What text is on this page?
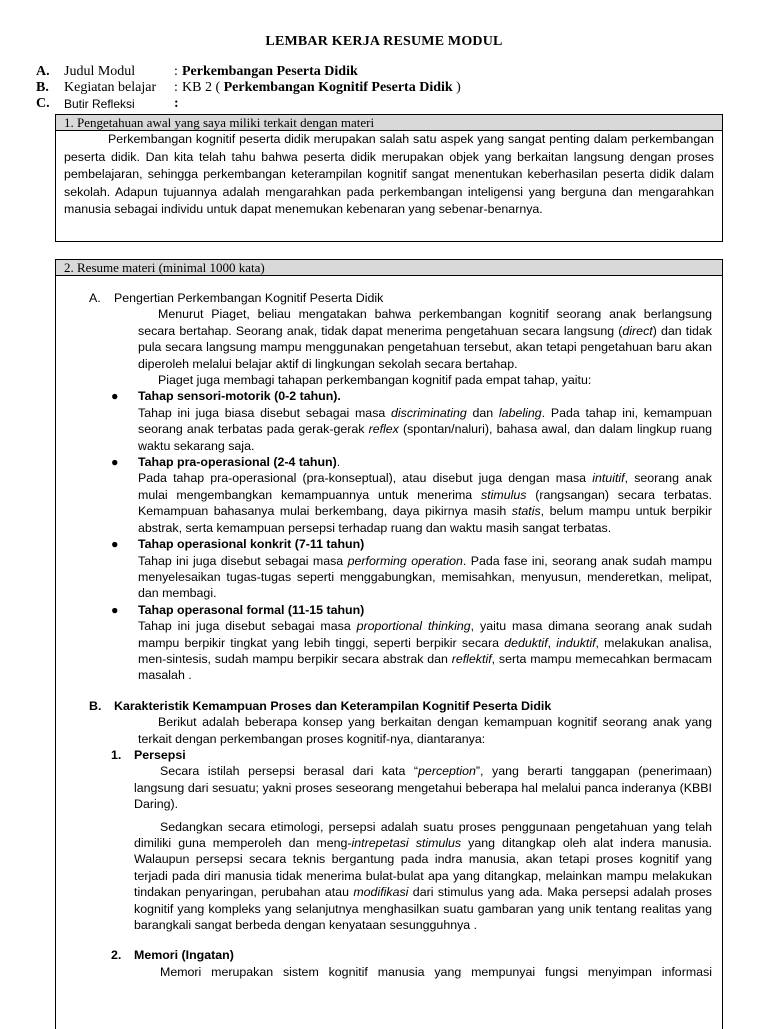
LEMBAR KERJA RESUME MODUL
A. Judul Modul	: Perkembangan Peserta Didik
B. Kegiatan belajar : KB 2 ( Perkembangan Kognitif Peserta Didik )
C. Butir Refleksi	:
1. Pengetahuan awal yang saya miliki terkait dengan materi

Perkembangan kognitif peserta didik merupakan salah satu aspek yang sangat penting dalam perkembangan peserta didik. Dan kita telah tahu bahwa peserta didik merupakan objek yang berkaitan langsung dengan proses pembelajaran, sehingga perkembangan keterampilan kognitif sangat menentukan keberhasilan peserta didik dalam sekolah. Adapun tujuannya adalah mengarahkan pada perkembangan inteligensi yang berguna dan mengarahkan manusia sebagai individu untuk dapat menemukan kebenaran yang sebenar-benarnya.

2. Resume materi (minimal 1000 kata)

A. Pengertian Perkembangan Kognitif Peserta Didik

Menurut Piaget, beliau mengatakan bahwa perkembangan kognitif seorang anak berlangsung secara bertahap. Seorang anak, tidak dapat menerima pengetahuan secara langsung (direct) dan tidak pula secara langsung mampu menggunakan pengetahuan tersebut, akan tetapi pengetahuan baru akan diperoleh melalui belajar aktif di lingkungan sekolah secara bertahap.

Piaget juga membagi tahapan perkembangan kognitif pada empat tahap, yaitu:

● Tahap sensori-motorik (0-2 tahun).

Tahap ini juga biasa disebut sebagai masa discriminating dan labeling. Pada tahap ini, kemampuan seorang anak terbatas pada gerak-gerak reflex (spontan/naluri), bahasa awal, dan dalam lingkup ruang waktu sekarang saja.

● Tahap pra-operasional (2-4 tahun).

Pada tahap pra-operasional (pra-konseptual), atau disebut juga dengan masa intuitif, seorang anak mulai mengembangkan kemampuannya untuk menerima stimulus (rangsangan) secara terbatas. Kemampuan bahasanya mulai berkembang, daya pikirnya masih statis, belum mampu untuk berpikir abstrak, serta kemampuan persepsi terhadap ruang dan waktu masih sangat terbatas.

● Tahap operasional konkrit (7-11 tahun)

Tahap ini juga disebut sebagai masa performing operation. Pada fase ini, seorang anak sudah mampu menyelesaikan tugas-tugas seperti menggabungkan, memisahkan, menyusun, menderetkan, melipat, dan membagi.

● Tahap operasonal formal (11-15 tahun)

Tahap ini juga disebut sebagai masa proportional thinking, yaitu masa dimana seorang anak sudah mampu berpikir tingkat yang lebih tinggi, seperti berpikir secara deduktif, induktif, melakukan analisa, men-sintesis, sudah mampu berpikir secara abstrak dan reflektif, serta mampu memecahkan bermacam masalah .

B. Karakteristik Kemampuan Proses dan Keterampilan Kognitif Peserta Didik

Berikut adalah beberapa konsep yang berkaitan dengan kemampuan kognitif seorang anak yang terkait dengan perkembangan proses kognitif-nya, diantaranya:

1. Persepsi

Secara istilah persepsi berasal dari kata “perception”, yang berarti tanggapan (penerimaan) langsung dari sesuatu; yakni proses seseorang mengetahui beberapa hal melalui panca inderanya (KBBI Daring).

Sedangkan secara etimologi, persepsi adalah suatu proses penggunaan pengetahuan yang telah dimiliki guna memperoleh dan meng-intrepetasi stimulus yang ditangkap oleh alat indera manusia. Walaupun persepsi secara teknis bergantung pada indra manusia, akan tetapi proses kognitif yang terjadi pada diri manusia tidak menerima bulat-bulat apa yang ditangkap, melainkan mampu melakukan tindakan penyaringan, perubahan atau modifikasi dari stimulus yang ada. Maka persepsi adalah proses kognitif yang kompleks yang selanjutnya menghasilkan suatu gambaran yang unik tentang realitas yang barangkali sangat berbeda dengan kenyataan sesungguhnya .

2. Memori (Ingatan)

Memori merupakan sistem kognitif manusia yang mempunyai fungsi menyimpan informasi
